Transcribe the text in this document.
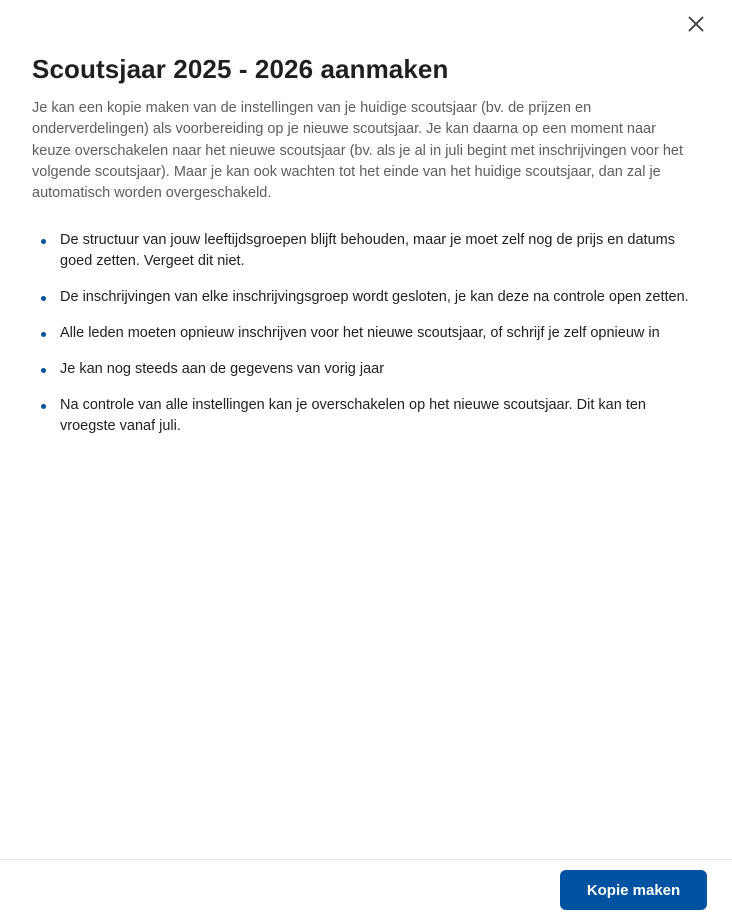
Scoutsjaar 2025 - 2026 aanmaken

Je kan een kopie maken van de instellingen van je huidige scoutsjaar (bv. de prijzen en onderverdelingen) als voorbereiding op je nieuwe scoutsjaar. Je kan daarna op een moment naar keuze overschakelen naar het nieuwe scoutsjaar (bv. als je al in juli begint met inschrijvingen voor het volgende scoutsjaar). Maar je kan ook wachten tot het einde van het huidige scoutsjaar, dan zal je automatisch worden overgeschakeld.

De structuur van jouw leeftijdsgroepen blijft behouden, maar je moet zelf nog de prijs en datums goed zetten. Vergeet dit niet.
De inschrijvingen van elke inschrijvingsgroep wordt gesloten, je kan deze na controle open zetten.
Alle leden moeten opnieuw inschrijven voor het nieuwe scoutsjaar, of schrijf je zelf opnieuw in
Je kan nog steeds aan de gegevens van vorig jaar
Na controle van alle instellingen kan je overschakelen op het nieuwe scoutsjaar. Dit kan ten vroegste vanaf juli.
Kopie maken
